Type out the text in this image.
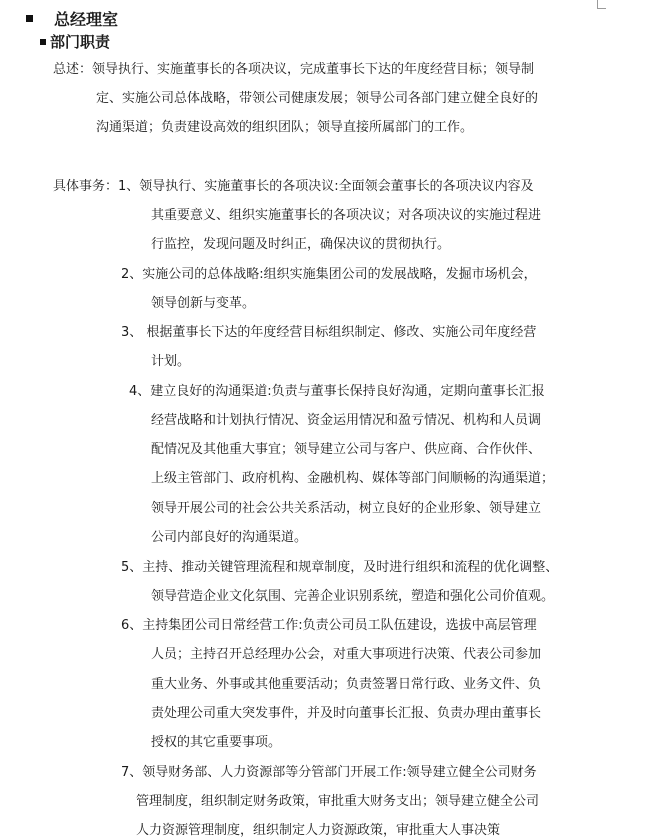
总经理室
部门职责
总述：领导执行、实施董事长的各项决议，完成董事长下达的年度经营目标；领导制
定、实施公司总体战略，带领公司健康发展；领导公司各部门建立健全良好的
沟通渠道；负责建设高效的组织团队；领导直接所属部门的工作。
具体事务：1、领导执行、实施董事长的各项决议:全面领会董事长的各项决议内容及
其重要意义、组织实施董事长的各项决议；对各项决议的实施过程进
行监控，发现问题及时纠正，确保决议的贯彻执行。
2、实施公司的总体战略:组织实施集团公司的发展战略，发掘市场机会，
领导创新与变革。
3、 根据董事长下达的年度经营目标组织制定、修改、实施公司年度经营
计划。
4、建立良好的沟通渠道:负责与董事长保持良好沟通，定期向董事长汇报
经营战略和计划执行情况、资金运用情况和盈亏情况、机构和人员调
配情况及其他重大事宜；领导建立公司与客户、供应商、合作伙伴、
上级主管部门、政府机构、金融机构、媒体等部门间顺畅的沟通渠道；
领导开展公司的社会公共关系活动，树立良好的企业形象、领导建立
公司内部良好的沟通渠道。
5、主持、推动关键管理流程和规章制度，及时进行组织和流程的优化调整、
领导营造企业文化氛围、完善企业识别系统，塑造和强化公司价值观。
6、主持集团公司日常经营工作:负责公司员工队伍建设，选拔中高层管理
人员；主持召开总经理办公会，对重大事项进行决策、代表公司参加
重大业务、外事或其他重要活动；负责签署日常行政、业务文件、负
责处理公司重大突发事件，并及时向董事长汇报、负责办理由董事长
授权的其它重要事项。
7、领导财务部、人力资源部等分管部门开展工作:领导建立健全公司财务
管理制度，组织制定财务政策，审批重大财务支出；领导建立健全公司
人力资源管理制度，组织制定人力资源政策，审批重大人事决策
